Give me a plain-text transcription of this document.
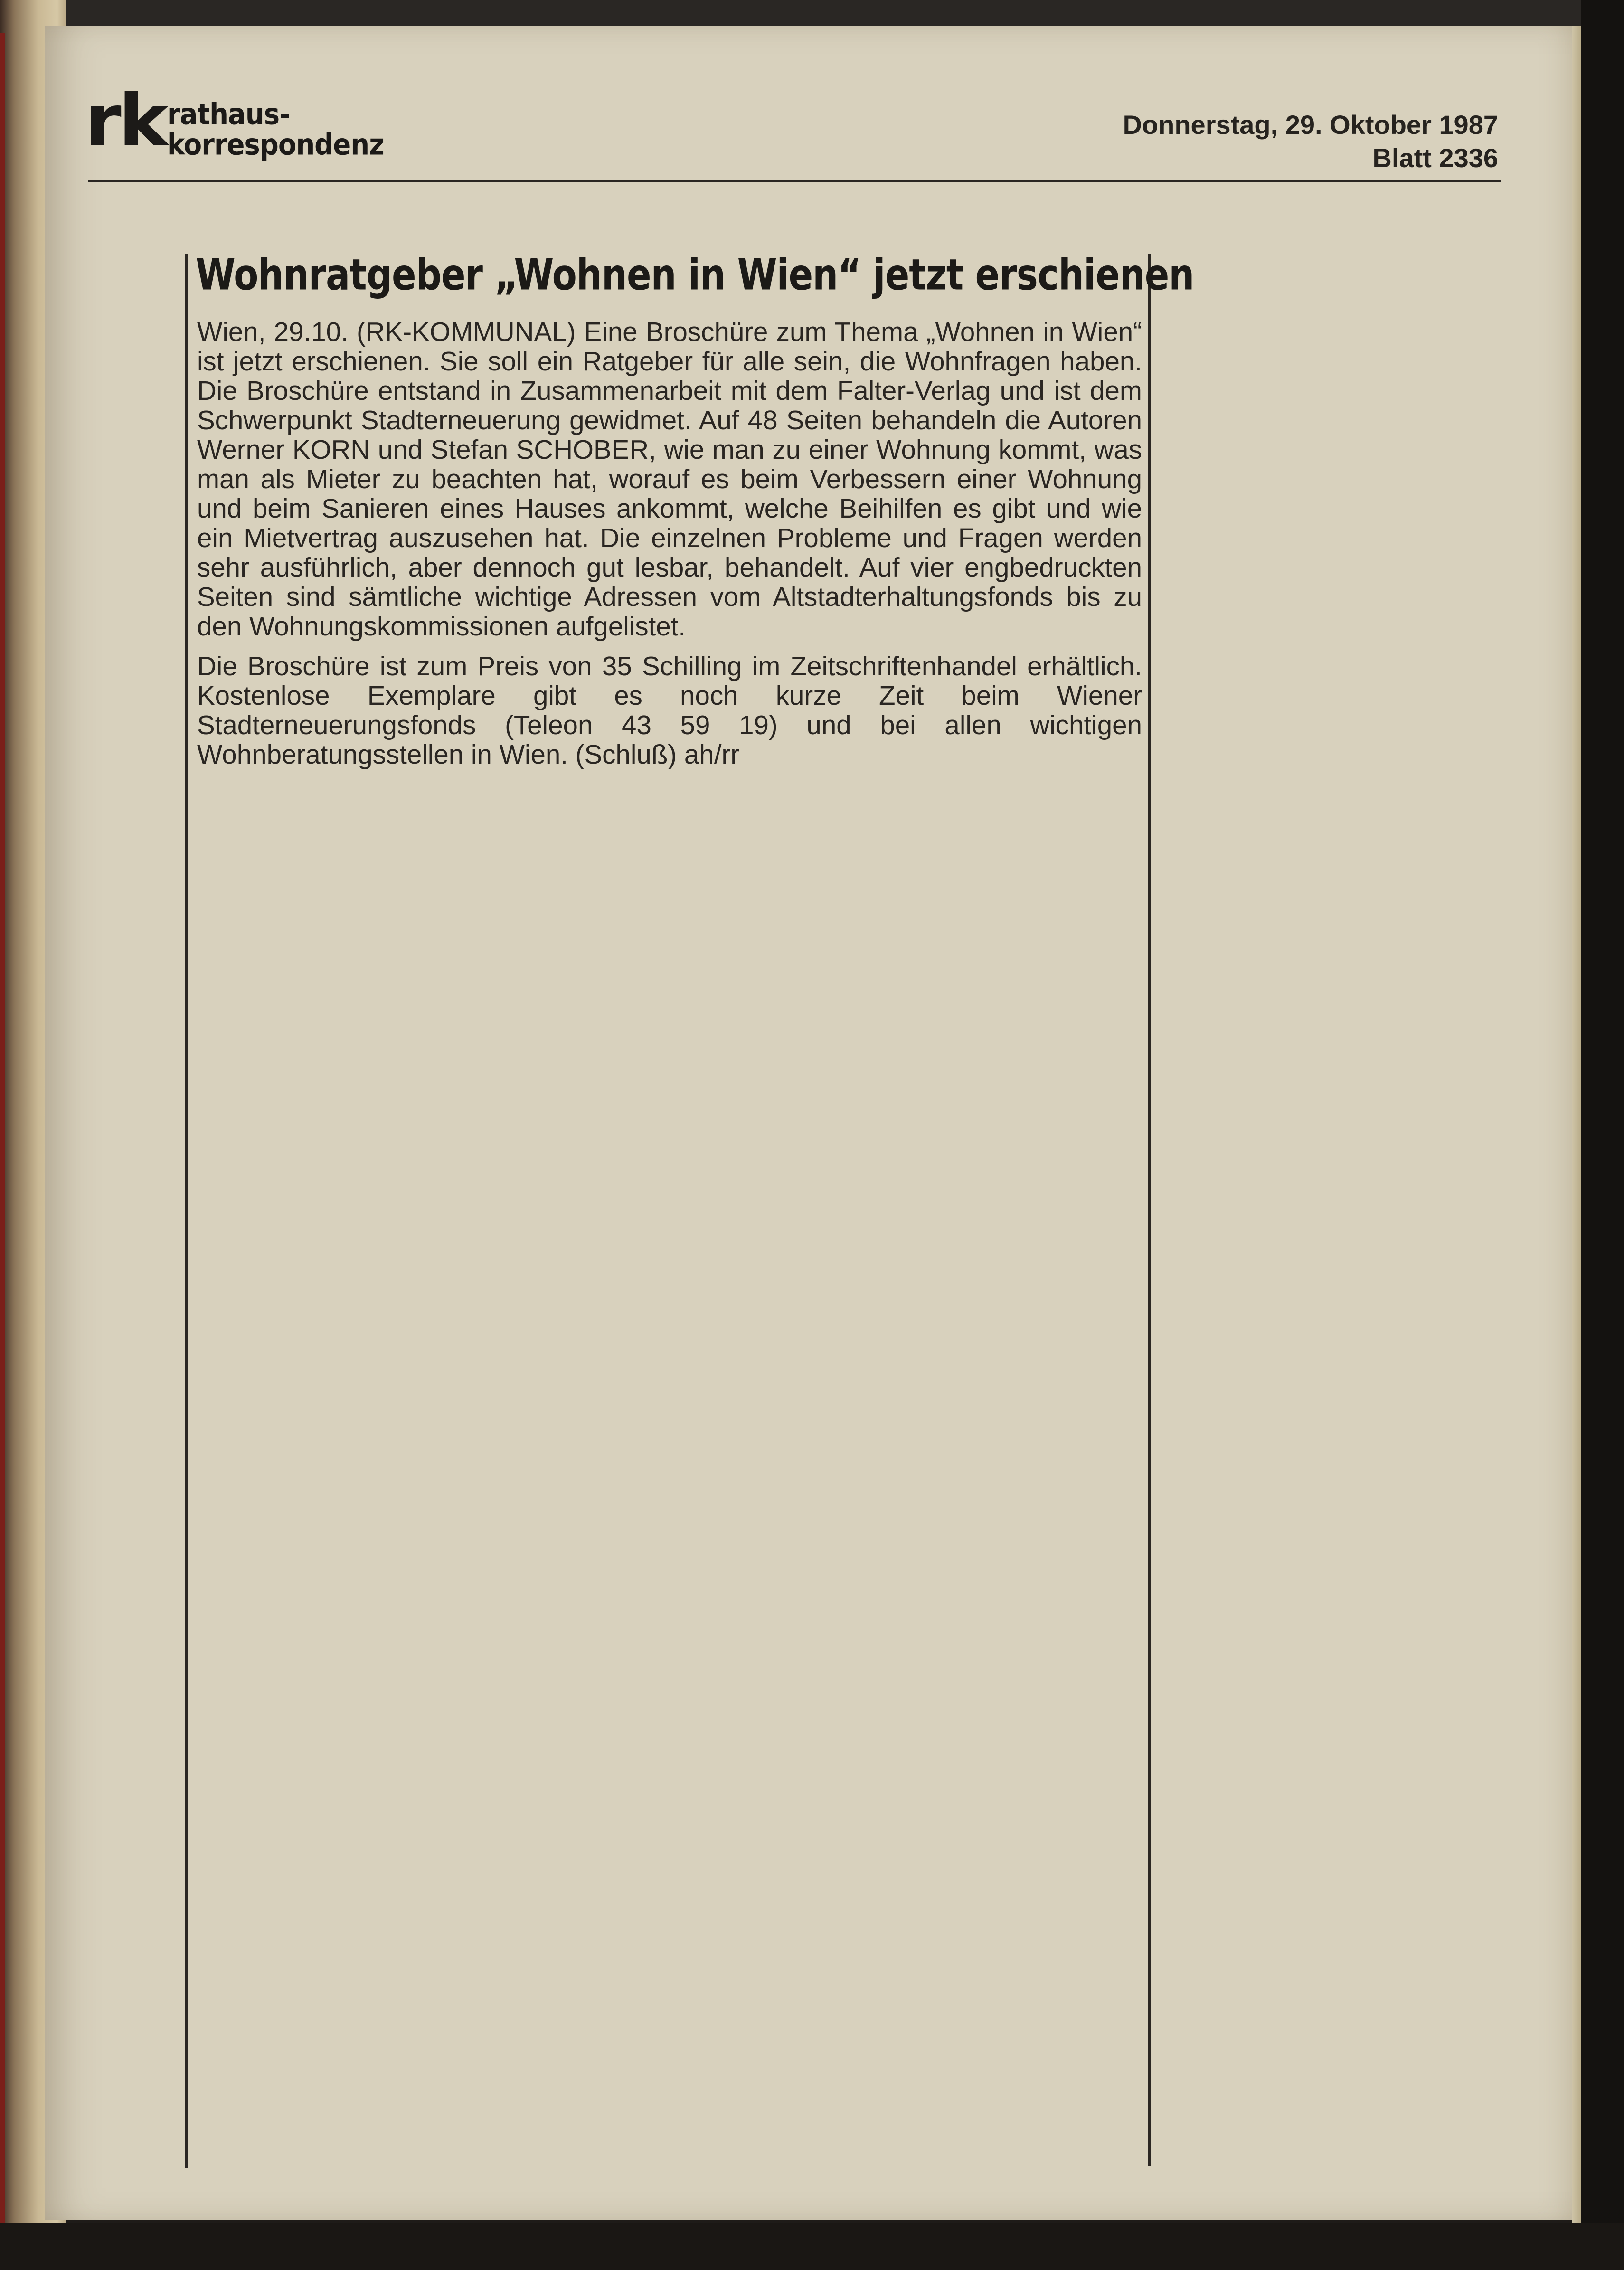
rk rathaus-
korrespondenz
Donnerstag, 29. Oktober 1987
Blatt 2336
Wohnratgeber „Wohnen in Wien“ jetzt erschienen

Wien, 29.10. (RK-KOMMUNAL) Eine Broschüre zum Thema „Wohnen in Wien“ ist jetzt erschienen. Sie soll ein Ratgeber für alle sein, die Wohnfragen haben. Die Broschüre entstand in Zusammenarbeit mit dem Falter-Verlag und ist dem Schwerpunkt Stadterneuerung gewidmet. Auf 48 Seiten behandeln die Autoren Werner KORN und Stefan SCHOBER, wie man zu einer Wohnung kommt, was man als Mieter zu beachten hat, worauf es beim Verbessern einer Wohnung und beim Sanieren eines Hauses ankommt, welche Beihilfen es gibt und wie ein Mietvertrag auszusehen hat. Die einzelnen Probleme und Fragen werden sehr ausführlich, aber dennoch gut lesbar, behandelt. Auf vier engbedruckten Seiten sind sämtliche wichtige Adressen vom Altstadterhaltungsfonds bis zu den Wohnungskommissionen aufgelistet.

Die Broschüre ist zum Preis von 35 Schilling im Zeitschriftenhandel erhältlich. Kostenlose Exemplare gibt es noch kurze Zeit beim Wiener Stadterneuerungsfonds (Teleon 43 59 19) und bei allen wichtigen Wohnberatungsstellen in Wien. (Schluß) ah/rr
